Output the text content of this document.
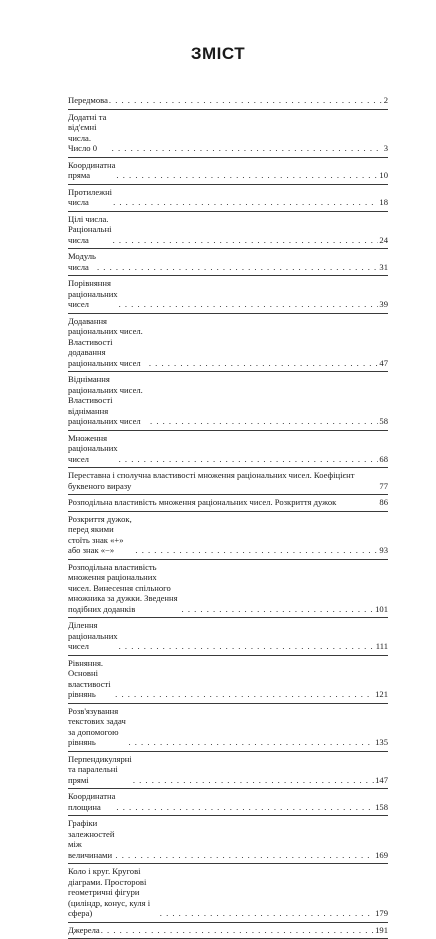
ЗМІСТ
Передмова . . .	2
Додатні та від'ємні числа. Число 0 . . .	3
Координатна пряма . . .	10
Протилежні числа . . .	18
Цілі числа. Раціональні числа . . .	24
Модуль числа . . .	31
Порівняння раціональних чисел . . .	39
Додавання раціональних чисел. Властивості додавання раціональних чисел . . .	47
Віднімання раціональних чисел. Властивості віднімання раціональних чисел . . .	58
Множення раціональних чисел . . .	68
Переставна і сполучна властивості множення раціональних чисел. Коефіцієнт буквеного виразу	77
Розподільна властивість множення раціональних чисел. Розкриття дужок	86
Розкриття дужок, перед якими стоїть знак «+» або знак «−» . . .	93
Розподільна властивість множення раціональних чисел. Винесення спільного множника за дужки. Зведення подібних доданків . . .	101
Ділення раціональних чисел . . .	111
Рівняння. Основні властивості рівнянь . . .	121
Розв'язування текстових задач за допомогою рівнянь . . .	135
Перпендикулярні та паралельні прямі . . .	147
Координатна площина . . .	158
Графіки залежностей між величинами . . .	169
Коло і круг. Кругові діаграми. Просторові геометричні фігури (циліндр, конус, куля і сфера) . . .	179
Джерела . . .	191
